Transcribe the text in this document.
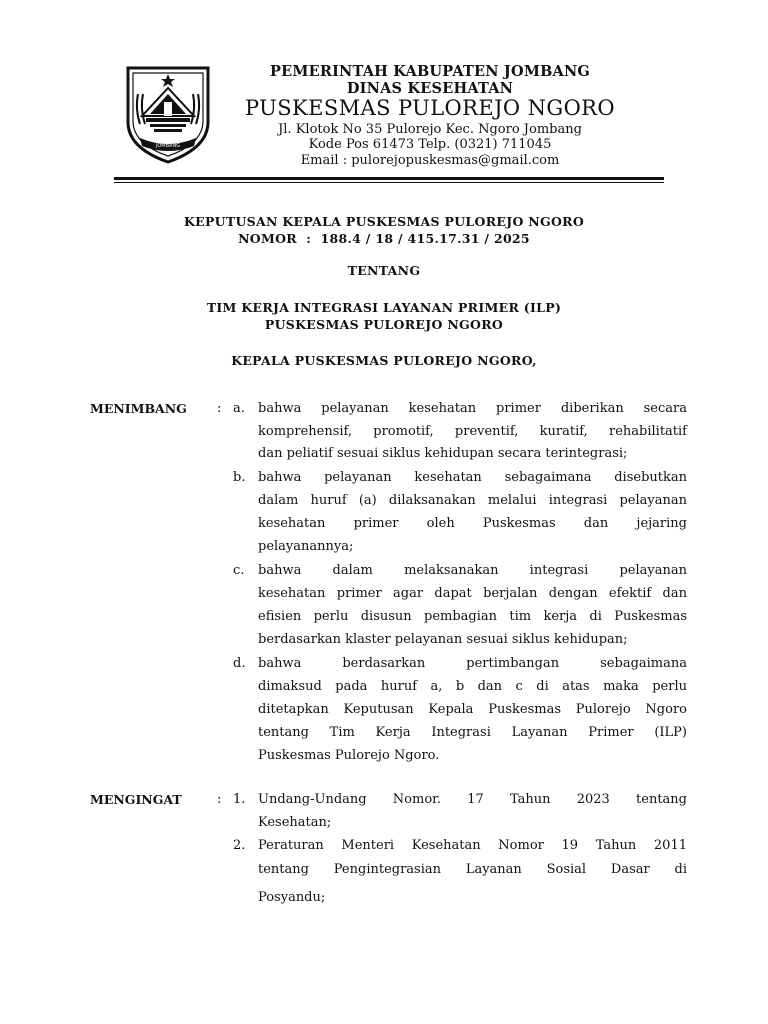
JOMBANG
PEMERINTAH KABUPATEN JOMBANG
DINAS KESEHATAN
PUSKESMAS PULOREJO NGORO
Jl. Klotok No 35 Pulorejo Kec. Ngoro Jombang
Kode Pos 61473 Telp. (0321) 711045
Email : pulorejopuskesmas@gmail.com
KEPUTUSAN KEPALA PUSKESMAS PULOREJO NGORO
NOMOR  :  188.4 / 18 / 415.17.31 / 2025
TENTANG
TIM KERJA INTEGRASI LAYANAN PRIMER (ILP)
PUSKESMAS PULOREJO NGORO
KEPALA PUSKESMAS PULOREJO NGORO,
MENIMBANG : a. bahwa pelayanan kesehatan primer diberikan secara
komprehensif, promotif, preventif, kuratif, rehabilitatif
dan peliatif sesuai siklus kehidupan secara terintegrasi;
b. bahwa pelayanan kesehatan sebagaimana disebutkan
dalam huruf (a) dilaksanakan melalui integrasi pelayanan
kesehatan primer oleh Puskesmas dan jejaring
pelayanannya;
c. bahwa dalam melaksanakan integrasi pelayanan
kesehatan primer agar dapat berjalan dengan efektif dan
efisien perlu disusun pembagian tim kerja di Puskesmas
berdasarkan klaster pelayanan sesuai siklus kehidupan;
d. bahwa berdasarkan pertimbangan sebagaimana
dimaksud pada huruf a, b dan c di atas maka perlu
ditetapkan Keputusan Kepala Puskesmas Pulorejo Ngoro
tentang Tim Kerja Integrasi Layanan Primer (ILP)
Puskesmas Pulorejo Ngoro.
MENGINGAT	: 1. Undang-Undang Nomor. 17 Tahun 2023 tentang
Kesehatan;
2. Peraturan Menteri Kesehatan Nomor 19 Tahun 2011
tentang Pengintegrasian Layanan Sosial Dasar di
Posyandu;
